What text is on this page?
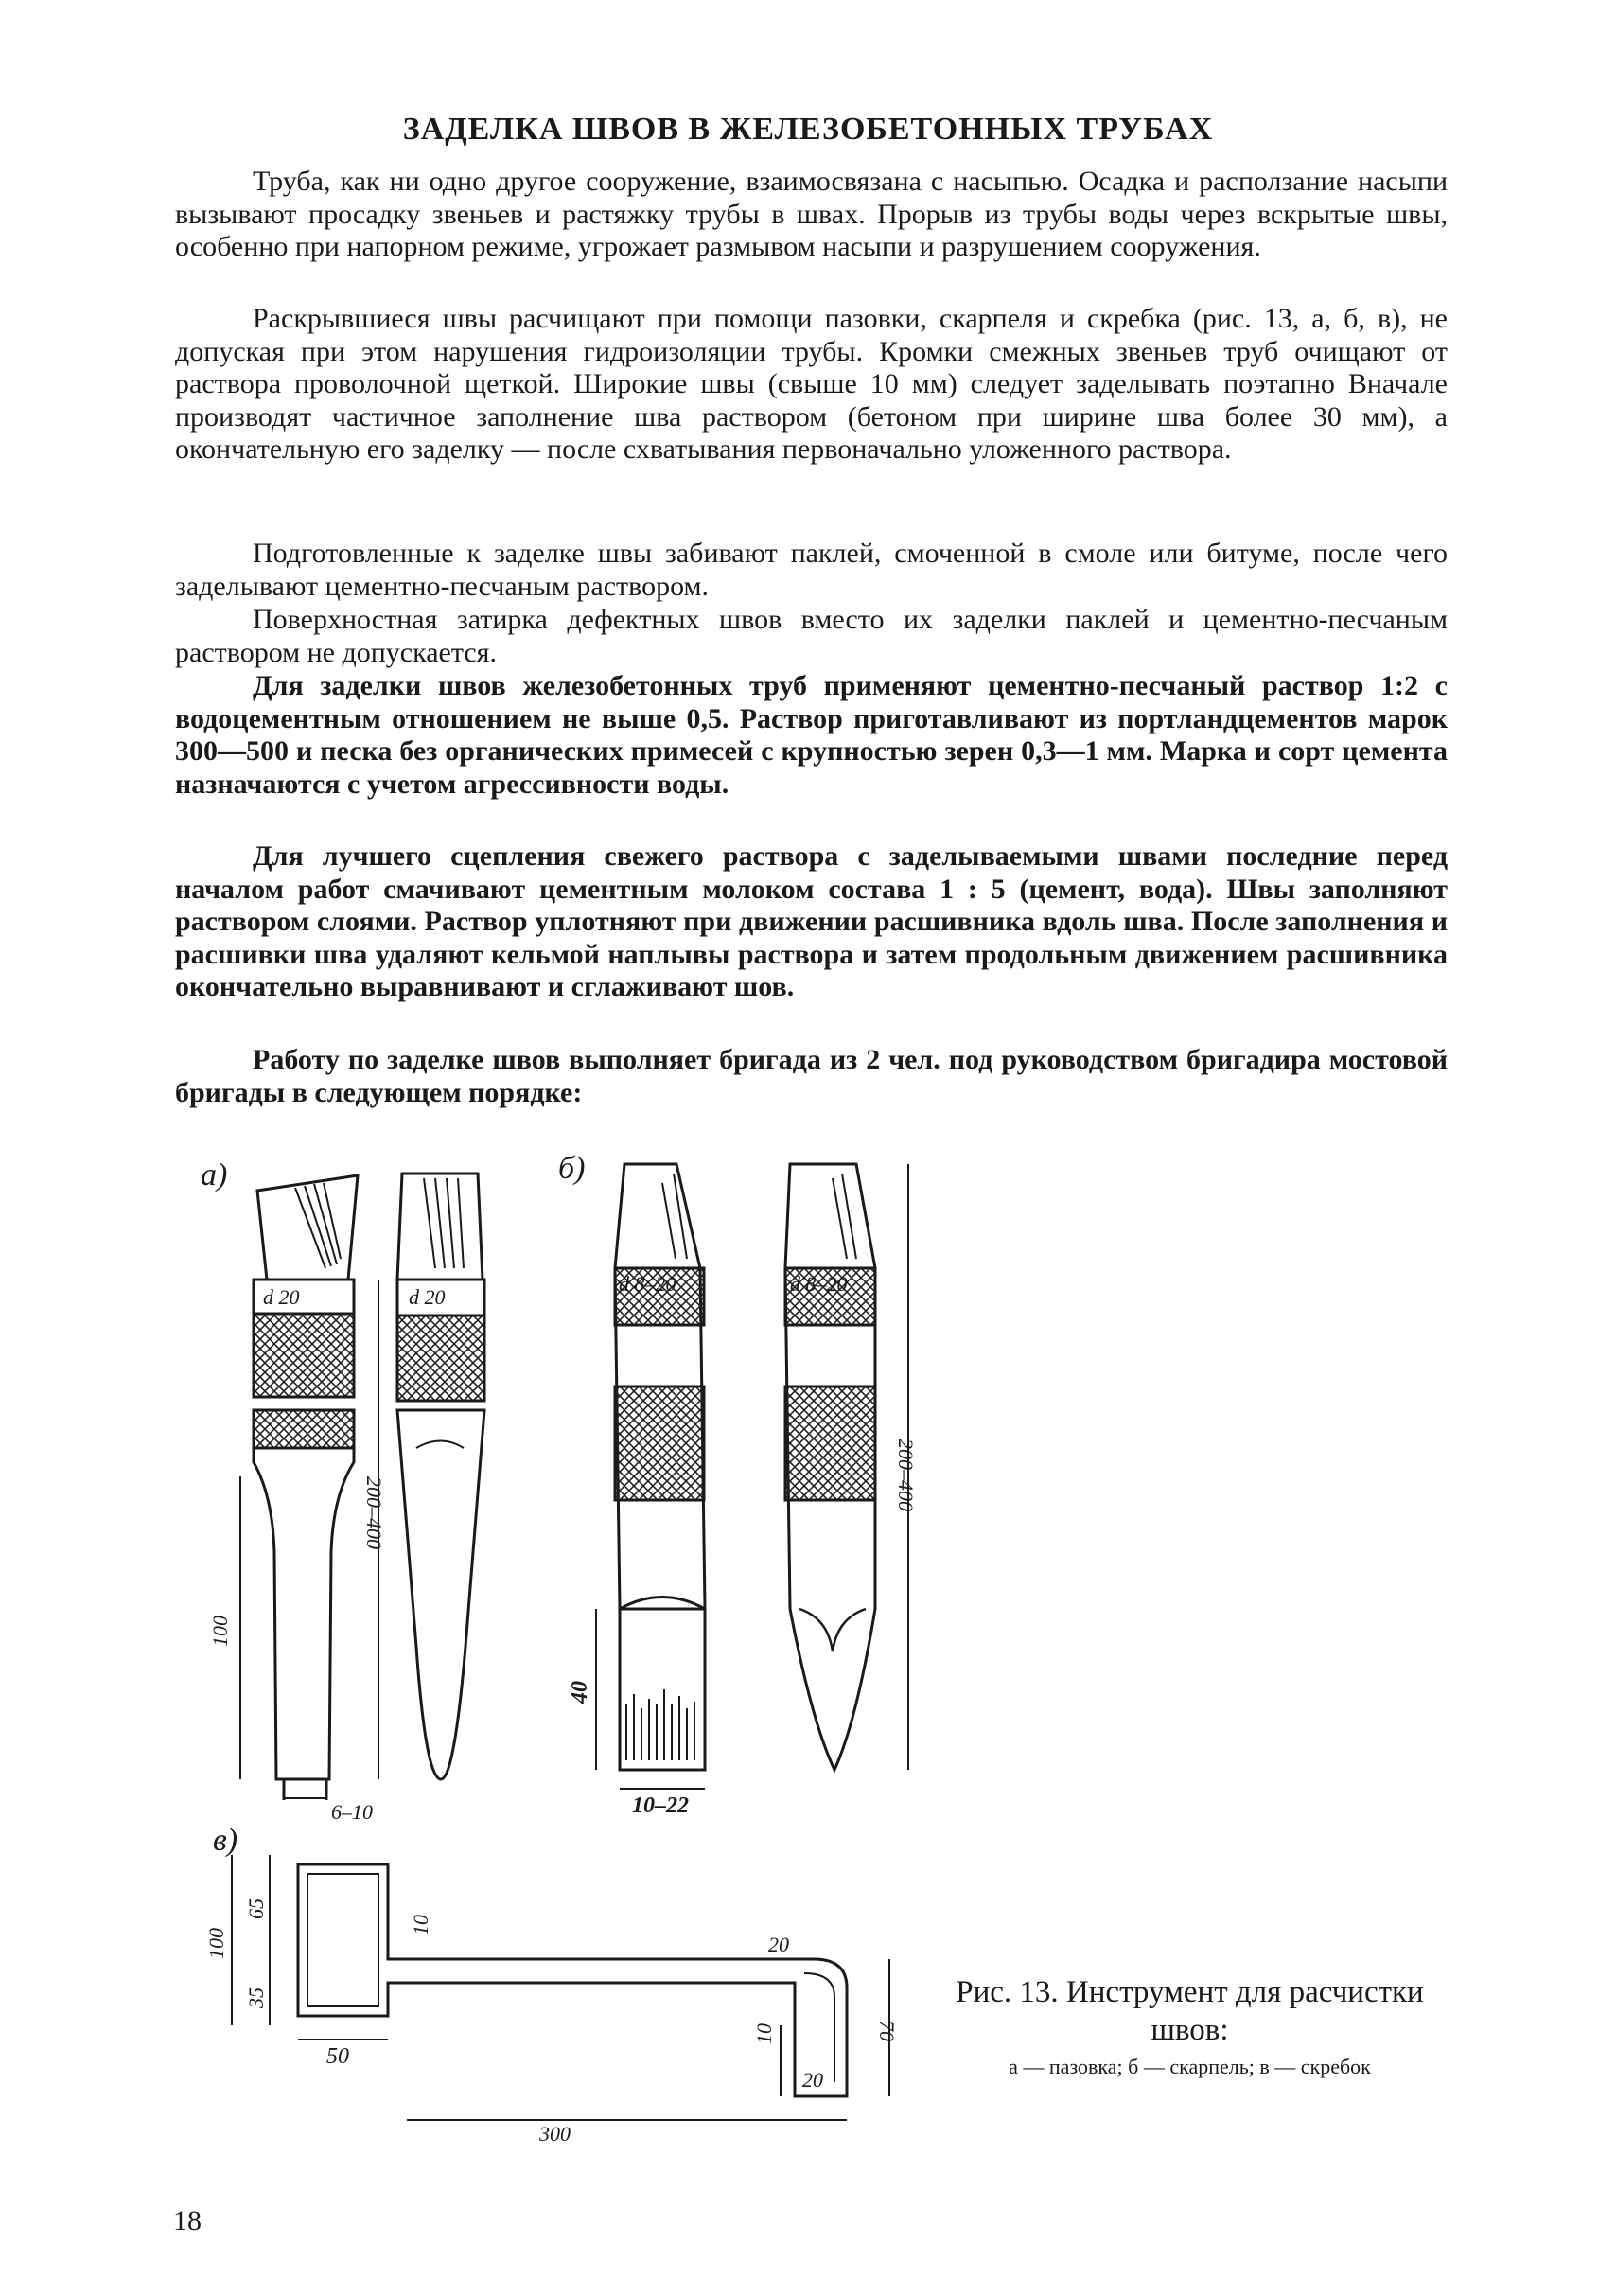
ЗАДЕЛКА ШВОВ В ЖЕЛЕЗОБЕТОННЫХ ТРУБАХ

Труба, как ни одно другое сооружение, взаимосвязана с насыпью. Осадка и расползание насыпи вызывают просадку звеньев и растяжку трубы в швах. Прорыв из трубы воды через вскрытые швы, особенно при напорном режиме, угрожает размывом насыпи и разрушением сооружения.

Раскрывшиеся швы расчищают при помощи пазовки, скарпеля и скребка (рис. 13, а, б, в), не допуская при этом нарушения гидроизоляции трубы. Кромки смежных звеньев труб очищают от раствора проволочной щеткой. Широкие швы (свыше 10 мм) следует заделывать поэтапно Вначале производят частичное заполнение шва раствором (бетоном при ширине шва более 30 мм), а окончательную его заделку — после схватывания первоначально уложенного раствора.

Подготовленные к заделке швы забивают паклей, смоченной в смоле или битуме, после чего заделывают цементно-песчаным раствором.

Поверхностная затирка дефектных швов вместо их заделки паклей и цементно-песчаным раствором не допускается.

Для заделки швов железобетонных труб применяют цементно-песчаный раствор 1:2 с водоцементным отношением не выше 0,5. Раствор приготавливают из портландцементов марок 300—500 и песка без органических примесей с крупностью зерен 0,3—1 мм. Марка и сорт цемента назначаются с учетом агрессивности воды.

Для лучшего сцепления свежего раствора с заделываемыми швами последние перед началом работ смачивают цементным молоком состава 1 : 5 (цемент, вода). Швы заполняют раствором слоями. Раствор уплотняют при движении расшивника вдоль шва. После заполнения и расшивки шва удаляют кельмой наплывы раствора и затем продольным движением расшивника окончательно выравнивают и сглаживают шов.

Работу по заделке швов выполняет бригада из 2 чел. под руководством бригадира мостовой бригады в следующем порядке:

а)	б)
в)
d 20	d 20
200–400
100
6–10
d 8–20	d 8–20
200–400
40
10–22
100
65
35
10
50
20
10	70
20
300

Рис. 13. Инструмент для расчистки швов:

а — пазовка; б — скарпель; в — скребок

18
